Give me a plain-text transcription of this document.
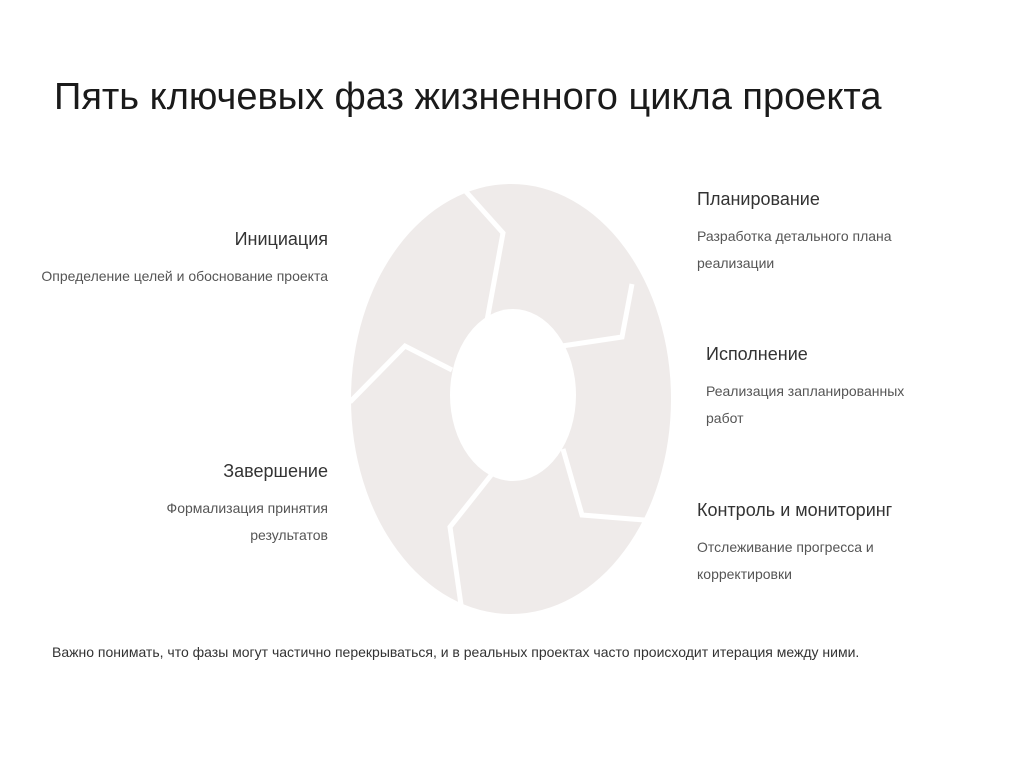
Пять ключевых фаз жизненного цикла проекта
Инициация
Определение целей и обоснование проекта
Завершение
Формализация принятия результатов
Планирование
Разработка детального плана реализации
Исполнение
Реализация запланированных работ
Контроль и мониторинг
Отслеживание прогресса и корректировки
Важно понимать, что фазы могут частично перекрываться, и в реальных проектах часто происходит итерация между ними.
